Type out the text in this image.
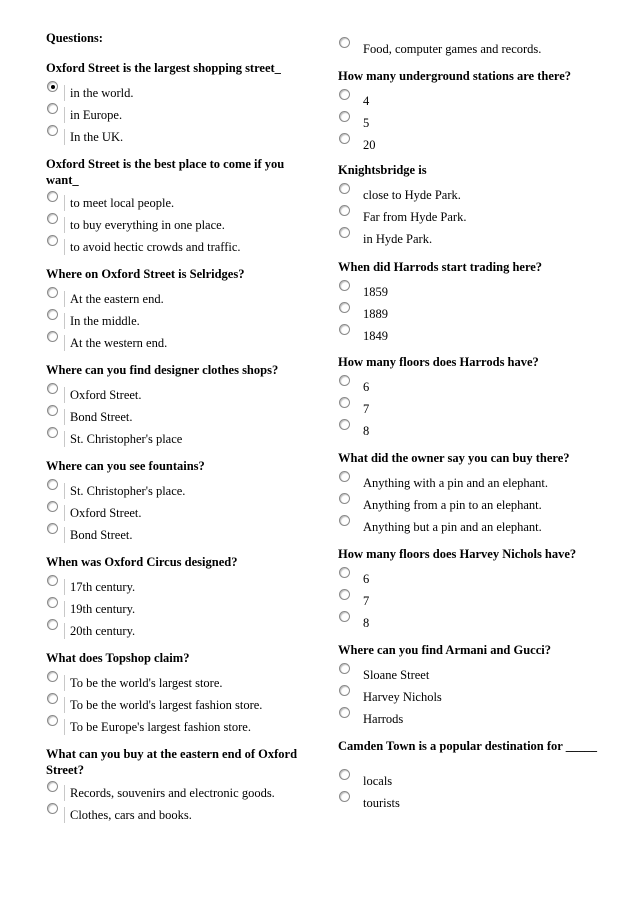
Questions:
Oxford Street is the largest shopping street_
in the world.
in Europe.
In the UK.
Oxford Street is the best place to come if you want_
to meet local people.
to buy everything in one place.
to avoid hectic crowds and traffic.
Where on Oxford Street is Selridges?
At the eastern end.
In the middle.
At the western end.
Where can you find designer clothes shops?
Oxford Street.
Bond Street.
St. Christopher's place
Where can you see fountains?
St. Christopher's place.
Oxford Street.
Bond Street.
When was Oxford Circus designed?
17th century.
19th century.
20th century.
What does Topshop claim?
To be the world's largest store.
To be the world's largest fashion store.
To be Europe's largest fashion store.
What can you buy at the eastern end of Oxford Street?
Records, souvenirs and electronic goods.
Clothes, cars and books.
Food, computer games and records.
How many underground stations are there?
4
5
20
Knightsbridge is
close to Hyde Park.
Far from Hyde Park.
in Hyde Park.
When did Harrods start trading here?
1859
1889
1849
How many floors does Harrods have?
6
7
8
What did the owner say you can buy there?
Anything with a pin and an elephant.
Anything from a pin to an elephant.
Anything but a pin and an elephant.
How many floors does Harvey Nichols have?
6
7
8
Where can you find Armani and Gucci?
Sloane Street
Harvey Nichols
Harrods
Camden Town is a popular destination for _____
locals
tourists
